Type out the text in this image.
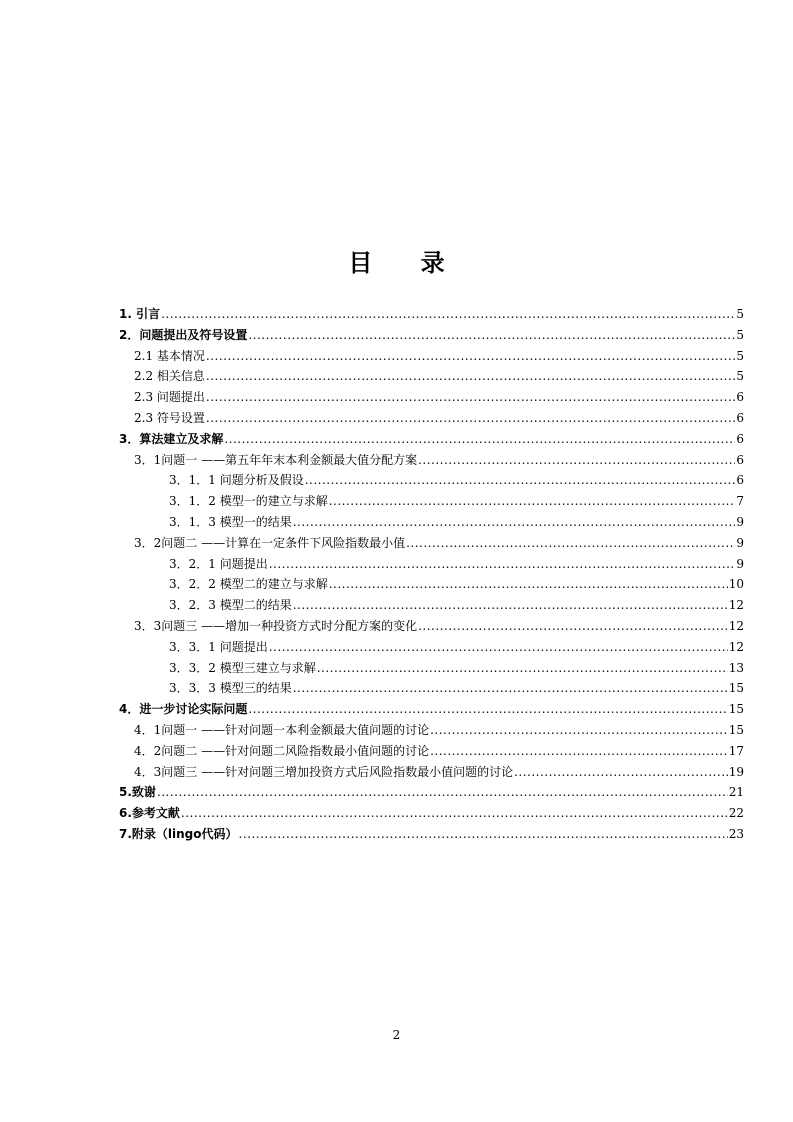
目 录
1. 引言 .....	5
2．问题提出及符号设置 .....	5
2.1 基本情况 .....	5
2.2 相关信息 .....	5
2.3 问题提出 .....	6
2.3 符号设置 .....	6
3．算法建立及求解 .....	6
3．1问题一 ——第五年年末本利金额最大值分配方案 .....	6
3．1．1 问题分析及假设 .....	6
3．1．2 模型一的建立与求解 .....	7
3．1．3 模型一的结果 .....	9
3．2问题二 ——计算在一定条件下风险指数最小值 .....	9
3．2．1 问题提出 .....	9
3．2．2 模型二的建立与求解 .....	10
3．2．3 模型二的结果 .....	12
3．3问题三 ——增加一种投资方式时分配方案的变化 .....	12
3．3．1 问题提出 .....	12
3．3．2 模型三建立与求解 .....	13
3．3．3 模型三的结果 .....	15
4．进一步讨论实际问题 .....	15
4．1问题一 ——针对问题一本利金额最大值问题的讨论 .....	15
4．2问题二 ——针对问题二风险指数最小值问题的讨论 .....	17
4．3问题三 ——针对问题三增加投资方式后风险指数最小值问题的讨论 .....	19
5.致谢 .....	21
6.参考文献 .....	22
7.附录（lingo代码） .....	23
2
